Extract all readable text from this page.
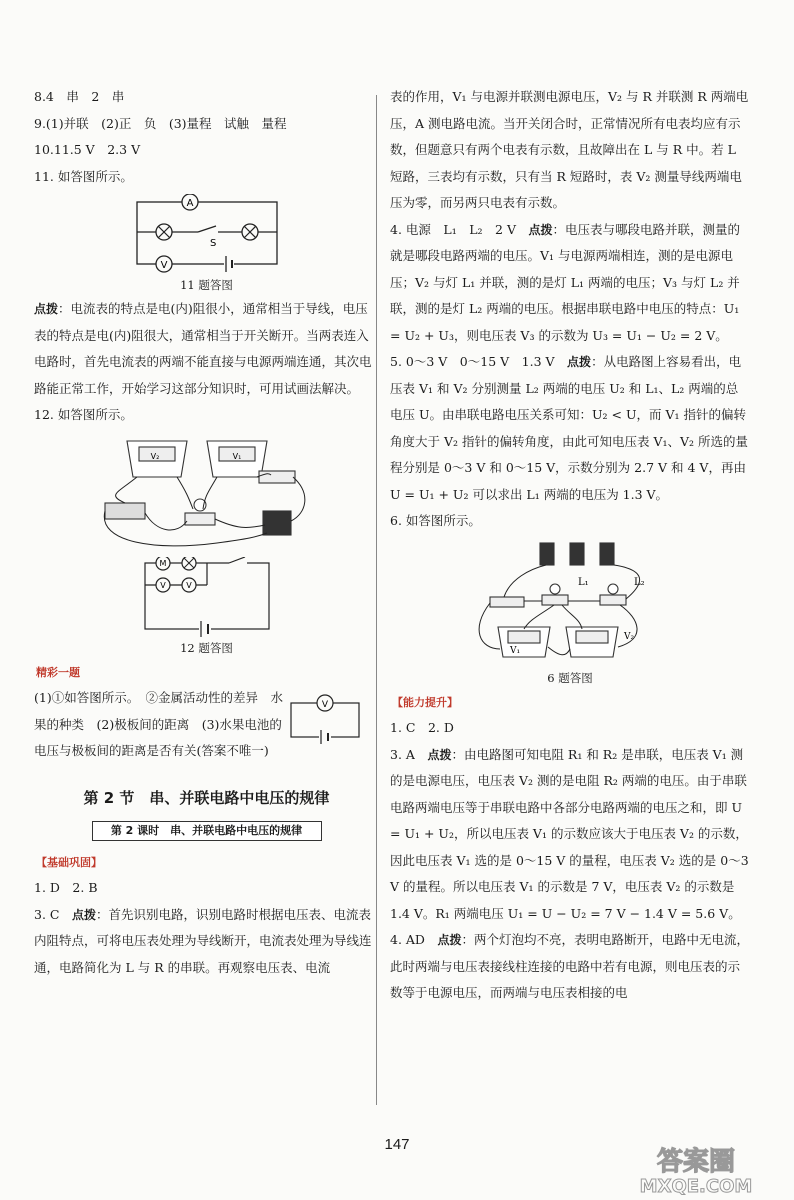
8.4　串　2　串

9.(1)并联　(2)正　负　(3)量程　试触　量程

10.11.5 V　2.3 V

11. 如答图所示。

A
S
V

11 题答图

点拨：电流表的特点是电(内)阻很小，通常相当于导线，电压表的特点是电(内)阻很大，通常相当于开关断开。当两表连入电路时，首先电流表的两端不能直接与电源两端连通，其次电路能正常工作，开始学习这部分知识时，可用试画法解决。

12. 如答图所示。

V₂	V₁
M
V	V

12 题答图

精彩一题

(1)①如答图所示。　②金属活动性的差异　水果的种类　(2)极板间的距离　(3)水果电池的电压与极板间的距离是否有关(答案不唯一)

V

第 2 节　串、并联电路中电压的规律

第 2 课时　串、并联电路中电压的规律
【基础巩固】

1. D　2. B

3. C　点拨：首先识别电路，识别电路时根据电压表、电流表内阻特点，可将电压表处理为导线断开，电流表处理为导线连通，电路简化为 L 与 R 的串联。再观察电压表、电流

表的作用，V₁ 与电源并联测电源电压，V₂ 与 R 并联测 R 两端电压，A 测电路电流。当开关闭合时，正常情况所有电表均应有示数，但题意只有两个电表有示数，且故障出在 L 与 R 中。若 L 短路，三表均有示数，只有当 R 短路时，表 V₂ 测量导线两端电压为零，而另两只电表有示数。

4. 电源　L₁　L₂　2 V　点拨：电压表与哪段电路并联，测量的就是哪段电路两端的电压。V₁ 与电源两端相连，测的是电源电压；V₂ 与灯 L₁ 并联，测的是灯 L₁ 两端的电压；V₃ 与灯 L₂ 并联，测的是灯 L₂ 两端的电压。根据串联电路中电压的特点：U₁ = U₂ + U₃，则电压表 V₃ 的示数为 U₃ = U₁ − U₂ = 2 V。

5. 0～3 V　0～15 V　1.3 V　点拨：从电路图上容易看出，电压表 V₁ 和 V₂ 分别测量 L₂ 两端的电压 U₂ 和 L₁、L₂ 两端的总电压 U。由串联电路电压关系可知：U₂ < U，而 V₁ 指针的偏转角度大于 V₂ 指针的偏转角度，由此可知电压表 V₁、V₂ 所选的量程分别是 0～3 V 和 0～15 V，示数分别为 2.7 V 和 4 V，再由 U = U₁ + U₂ 可以求出 L₁ 两端的电压为 1.3 V。

6. 如答图所示。

L₁	L₂
V₁
V₂

6 题答图

【能力提升】

1. C　2. D

3. A　点拨：由电路图可知电阻 R₁ 和 R₂ 是串联，电压表 V₁ 测的是电源电压，电压表 V₂ 测的是电阻 R₂ 两端的电压。由于串联电路两端电压等于串联电路中各部分电路两端的电压之和，即 U = U₁ + U₂，所以电压表 V₁ 的示数应该大于电压表 V₂ 的示数，因此电压表 V₁ 选的是 0～15 V 的量程，电压表 V₂ 选的是 0～3 V 的量程。所以电压表 V₁ 的示数是 7 V，电压表 V₂ 的示数是 1.4 V。R₁ 两端电压 U₁ = U − U₂ = 7 V − 1.4 V = 5.6 V。

4. AD　点拨：两个灯泡均不亮，表明电路断开，电路中无电流，此时两端与电压表接线柱连接的电路中若有电源，则电压表的示数等于电源电压，而两端与电压表相接的电

147
答案圈
MXQE.COM
